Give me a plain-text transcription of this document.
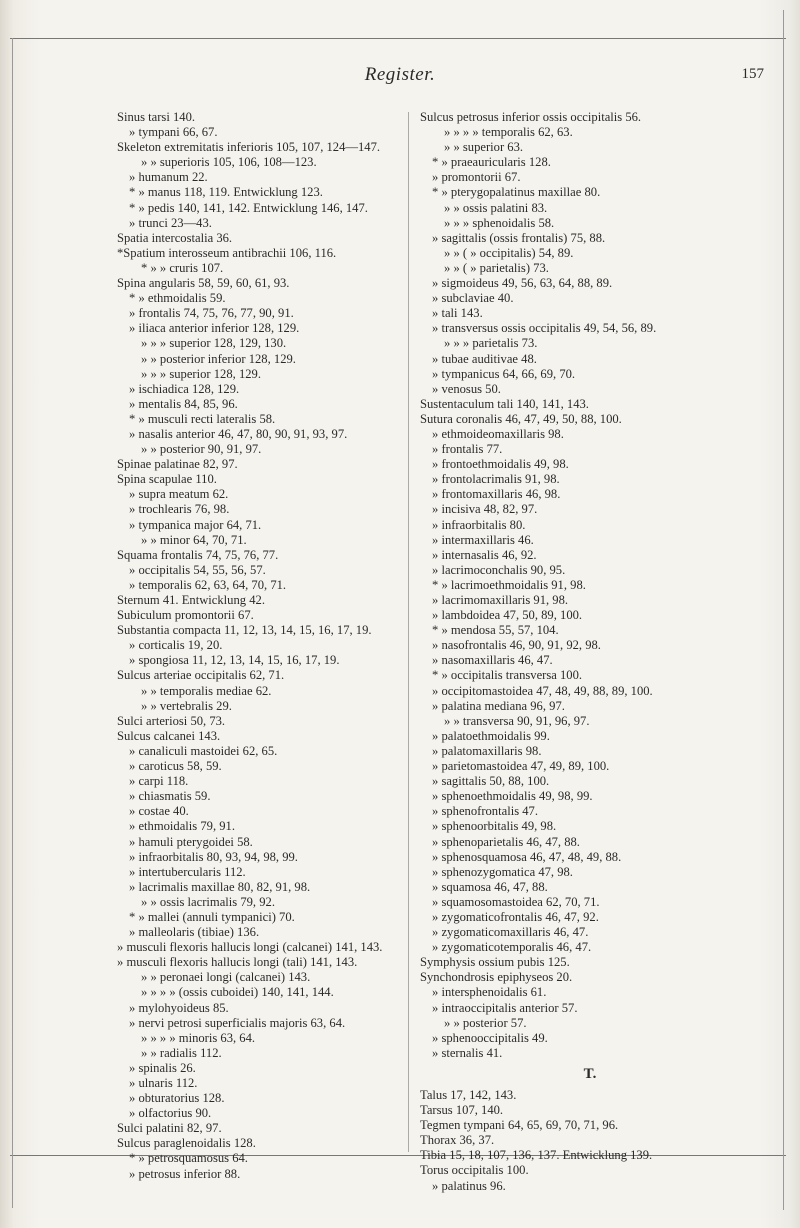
Register.	157
Sinus tarsi 140.
» tympani 66, 67.
Skeleton extremitatis inferioris 105, 107, 124—147.
» » superioris 105, 106, 108—123.
» humanum 22.
* » manus 118, 119. Entwicklung 123.
* » pedis 140, 141, 142. Entwicklung 146, 147.
» trunci 23—43.
Spatia intercostalia 36.
*Spatium interosseum antibrachii 106, 116.
* » » cruris 107.
Spina angularis 58, 59, 60, 61, 93.
* » ethmoidalis 59.
» frontalis 74, 75, 76, 77, 90, 91.
» iliaca anterior inferior 128, 129.
» » » superior 128, 129, 130.
» » posterior inferior 128, 129.
» » » superior 128, 129.
» ischiadica 128, 129.
» mentalis 84, 85, 96.
* » musculi recti lateralis 58.
» nasalis anterior 46, 47, 80, 90, 91, 93, 97.
» » posterior 90, 91, 97.
Spinae palatinae 82, 97.
Spina scapulae 110.
» supra meatum 62.
» trochlearis 76, 98.
» tympanica major 64, 71.
» » minor 64, 70, 71.
Squama frontalis 74, 75, 76, 77.
» occipitalis 54, 55, 56, 57.
» temporalis 62, 63, 64, 70, 71.
Sternum 41. Entwicklung 42.
Subiculum promontorii 67.
Substantia compacta 11, 12, 13, 14, 15, 16, 17, 19.
» corticalis 19, 20.
» spongiosa 11, 12, 13, 14, 15, 16, 17, 19.
Sulcus arteriae occipitalis 62, 71.
» » temporalis mediae 62.
» » vertebralis 29.
Sulci arteriosi 50, 73.
Sulcus calcanei 143.
» canaliculi mastoidei 62, 65.
» caroticus 58, 59.
» carpi 118.
» chiasmatis 59.
» costae 40.
» ethmoidalis 79, 91.
» hamuli pterygoidei 58.
» infraorbitalis 80, 93, 94, 98, 99.
» intertubercularis 112.
» lacrimalis maxillae 80, 82, 91, 98.
» » ossis lacrimalis 79, 92.
* » mallei (annuli tympanici) 70.
» malleolaris (tibiae) 136.
» musculi flexoris hallucis longi (calcanei) 141, 143.
» musculi flexoris hallucis longi (tali) 141, 143.
» » peronaei longi (calcanei) 143.
» » » » (ossis cuboidei) 140, 141, 144.
» mylohyoideus 85.
» nervi petrosi superficialis majoris 63, 64.
» » » » minoris 63, 64.
» » radialis 112.
» spinalis 26.
» ulnaris 112.
» obturatorius 128.
» olfactorius 90.
Sulci palatini 82, 97.
Sulcus paraglenoidalis 128.
* » petrosquamosus 64.
» petrosus inferior 88.
Sulcus petrosus inferior ossis occipitalis 56.
» » » » temporalis 62, 63.
» » superior 63.
* » praeauricularis 128.
» promontorii 67.
* » pterygopalatinus maxillae 80.
» » ossis palatini 83.
» » » sphenoidalis 58.
» sagittalis (ossis frontalis) 75, 88.
» » ( » occipitalis) 54, 89.
» » ( » parietalis) 73.
» sigmoideus 49, 56, 63, 64, 88, 89.
» subclaviae 40.
» tali 143.
» transversus ossis occipitalis 49, 54, 56, 89.
» » » parietalis 73.
» tubae auditivae 48.
» tympanicus 64, 66, 69, 70.
» venosus 50.
Sustentaculum tali 140, 141, 143.
Sutura coronalis 46, 47, 49, 50, 88, 100.
» ethmoideomaxillaris 98.
» frontalis 77.
» frontoethmoidalis 49, 98.
» frontolacrimalis 91, 98.
» frontomaxillaris 46, 98.
» incisiva 48, 82, 97.
» infraorbitalis 80.
» intermaxillaris 46.
» internasalis 46, 92.
» lacrimoconchalis 90, 95.
* » lacrimoethmoidalis 91, 98.
» lacrimomaxillaris 91, 98.
» lambdoidea 47, 50, 89, 100.
* » mendosa 55, 57, 104.
» nasofrontalis 46, 90, 91, 92, 98.
» nasomaxillaris 46, 47.
* » occipitalis transversa 100.
» occipitomastoidea 47, 48, 49, 88, 89, 100.
» palatina mediana 96, 97.
» » transversa 90, 91, 96, 97.
» palatoethmoidalis 99.
» palatomaxillaris 98.
» parietomastoidea 47, 49, 89, 100.
» sagittalis 50, 88, 100.
» sphenoethmoidalis 49, 98, 99.
» sphenofrontalis 47.
» sphenoorbitalis 49, 98.
» sphenoparietalis 46, 47, 88.
» sphenosquamosa 46, 47, 48, 49, 88.
» sphenozygomatica 47, 98.
» squamosa 46, 47, 88.
» squamosomastoidea 62, 70, 71.
» zygomaticofrontalis 46, 47, 92.
» zygomaticomaxillaris 46, 47.
» zygomaticotemporalis 46, 47.
Symphysis ossium pubis 125.
Synchondrosis epiphyseos 20.
» intersphenoidalis 61.
» intraoccipitalis anterior 57.
» » posterior 57.
» sphenooccipitalis 49.
» sternalis 41.
T.
Talus 17, 142, 143.
Tarsus 107, 140.
Tegmen tympani 64, 65, 69, 70, 71, 96.
Thorax 36, 37.
Tibia 15, 18, 107, 136, 137. Entwicklung 139.
Torus occipitalis 100.
» palatinus 96.
